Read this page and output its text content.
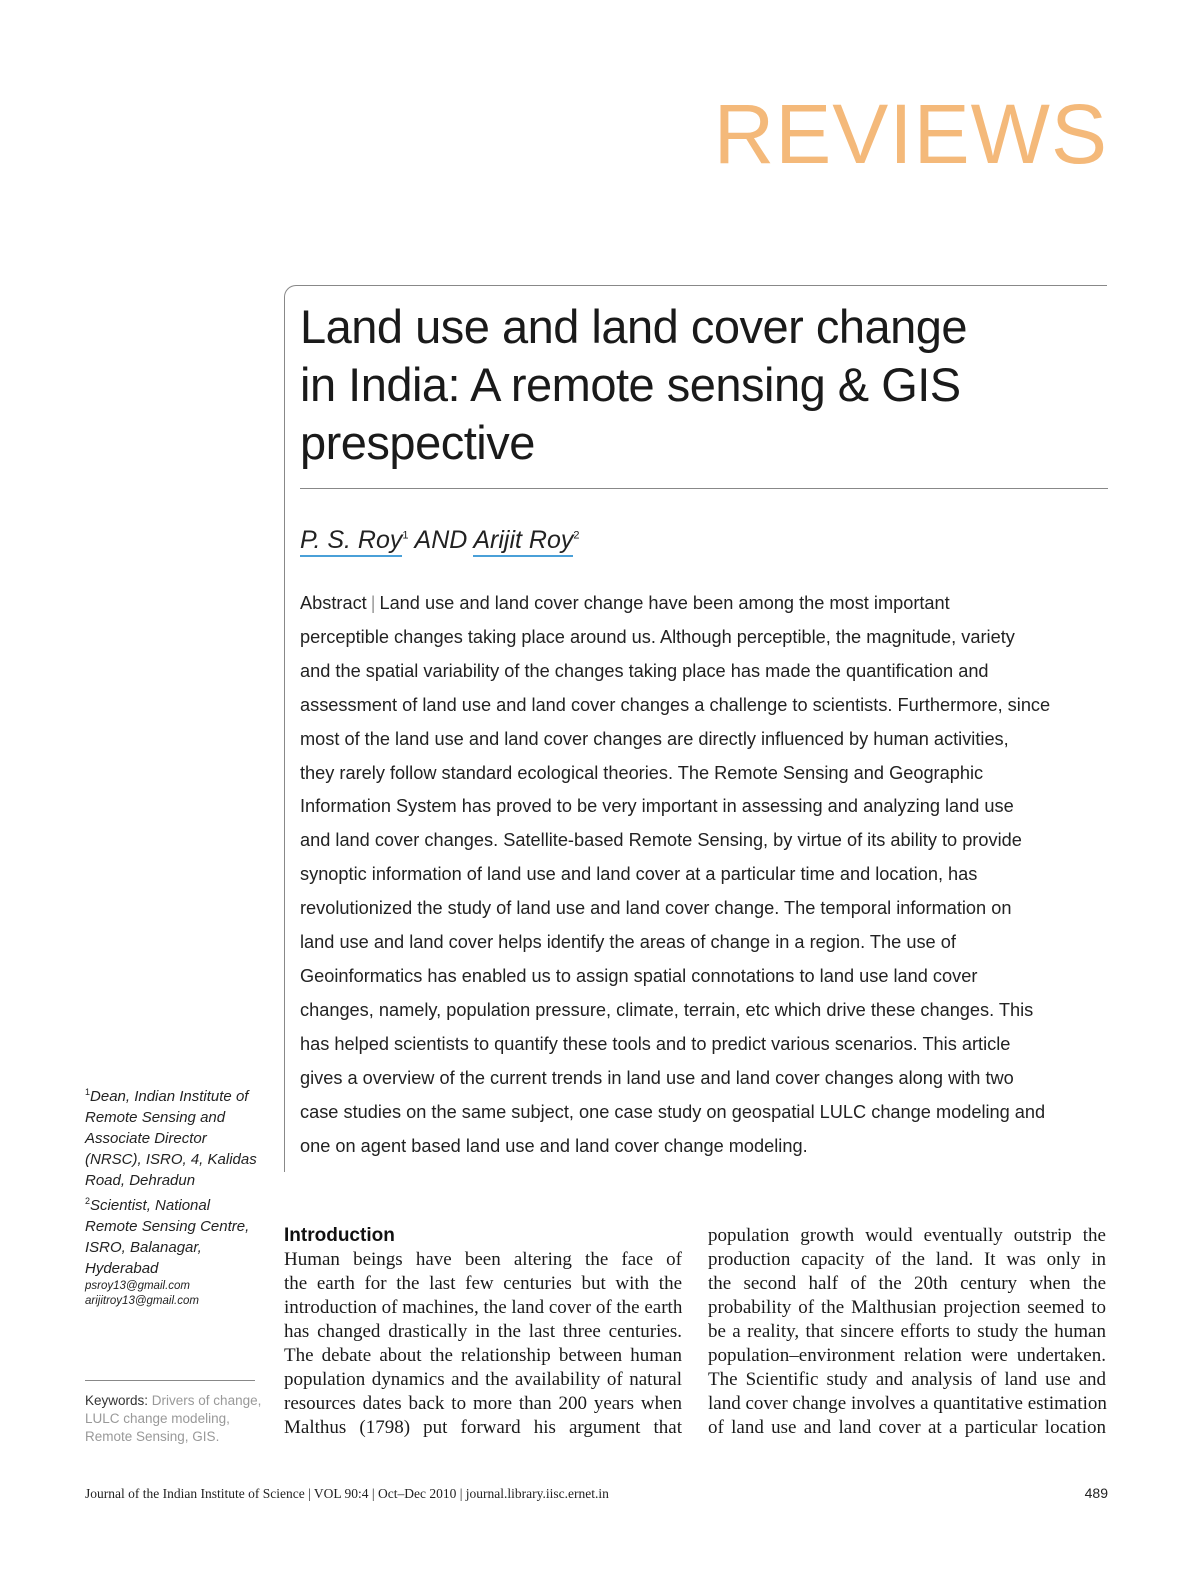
REVIEWS
Land use and land cover change
in India: A remote sensing & GIS
prespective
P. S. Roy$^1$ AND Arijit Roy$^2$
Abstract | Land use and land cover change have been among the most important
perceptible changes taking place around us. Although perceptible, the magnitude, variety
and the spatial variability of the changes taking place has made the quantification and
assessment of land use and land cover changes a challenge to scientists. Furthermore, since
most of the land use and land cover changes are directly influenced by human activities,
they rarely follow standard ecological theories. The Remote Sensing and Geographic
Information System has proved to be very important in assessing and analyzing land use
and land cover changes. Satellite-based Remote Sensing, by virtue of its ability to provide
synoptic information of land use and land cover at a particular time and location, has
revolutionized the study of land use and land cover change. The temporal information on
land use and land cover helps identify the areas of change in a region. The use of
Geoinformatics has enabled us to assign spatial connotations to land use land cover
changes, namely, population pressure, climate, terrain, etc which drive these changes. This
has helped scientists to quantify these tools and to predict various scenarios. This article
gives a overview of the current trends in land use and land cover changes along with two
case studies on the same subject, one case study on geospatial LULC change modeling and
one on agent based land use and land cover change modeling.
$^1$Dean, Indian Institute of
Remote Sensing and
Associate Director
(NRSC), ISRO, 4, Kalidas
Road, Dehradun
$^2$Scientist, National
Remote Sensing Centre,
ISRO, Balanagar,
Hyderabad
psroy13@gmail.com
arijitroy13@gmail.com
Keywords: Drivers of change,
LULC change modeling,
Remote Sensing, GIS.
Introduction
Human beings have been altering the face of
the earth for the last few centuries but with the
introduction of machines, the land cover of the earth
has changed drastically in the last three centuries.
The debate about the relationship between human
population dynamics and the availability of natural
resources dates back to more than 200 years when
Malthus (1798) put forward his argument that
population growth would eventually outstrip the
production capacity of the land. It was only in
the second half of the 20th century when the
probability of the Malthusian projection seemed to
be a reality, that sincere efforts to study the human
population–environment relation were undertaken.
The Scientific study and analysis of land use and
land cover change involves a quantitative estimation
of land use and land cover at a particular location
Journal of the Indian Institute of Science | VOL 90:4 | Oct–Dec 2010 | journal.library.iisc.ernet.in	489
